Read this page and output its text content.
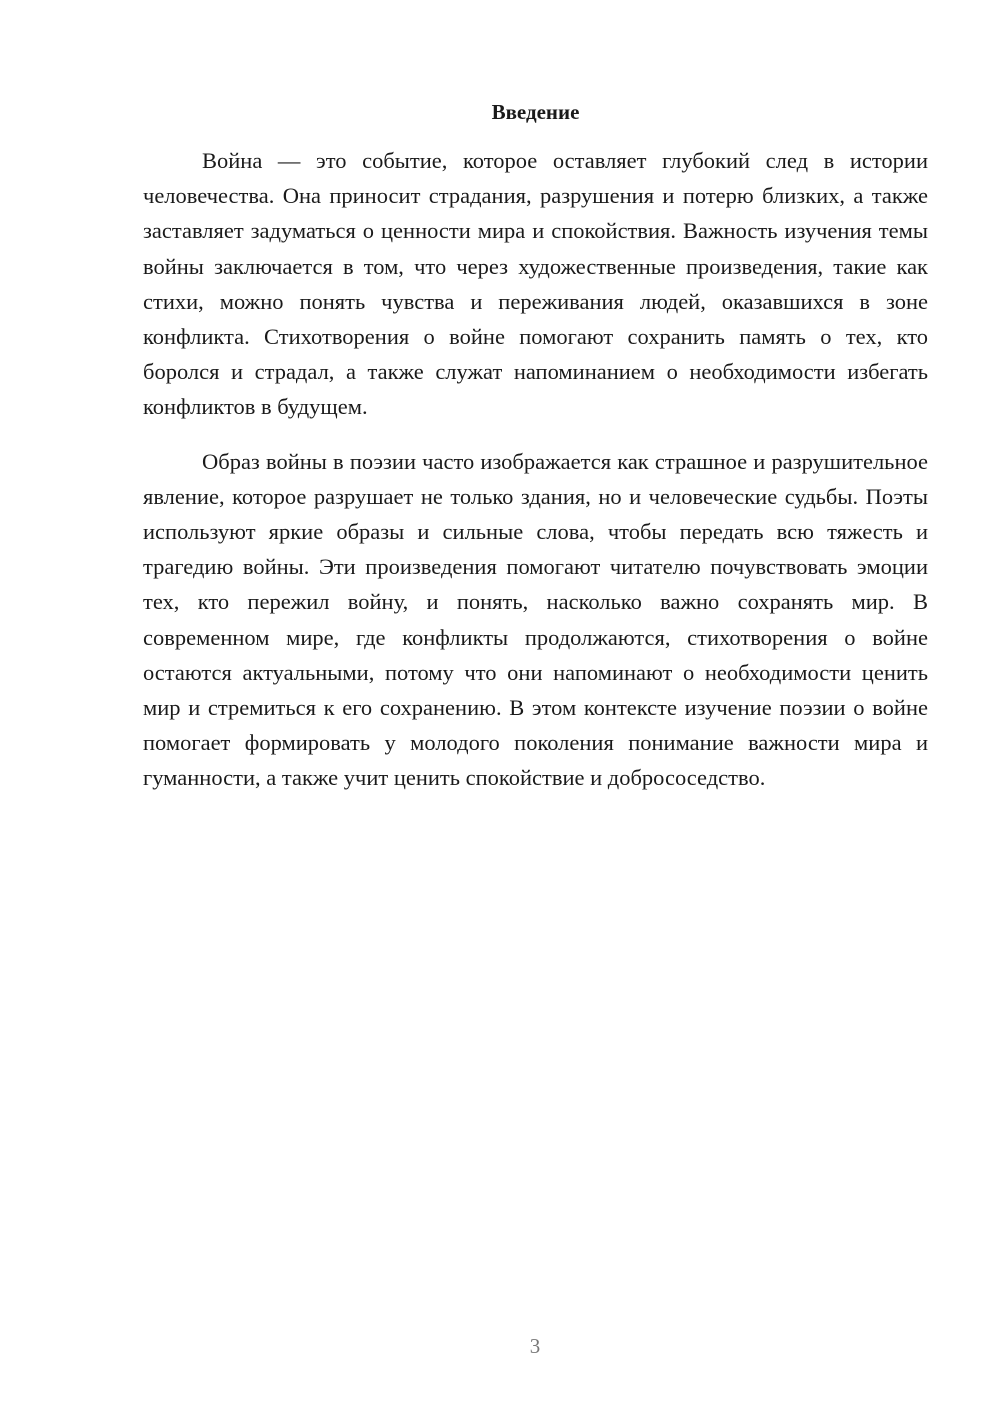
Введение

Война — это событие, которое оставляет глубокий след в истории человечества. Она приносит страдания, разрушения и потерю близких, а также заставляет задуматься о ценности мира и спокойствия. Важность изучения темы войны заключается в том, что через художественные произведения, такие как стихи, можно понять чувства и переживания людей, оказавшихся в зоне конфликта. Стихотворения о войне помогают сохранить память о тех, кто боролся и страдал, а также служат напоминанием о необходимости избегать конфликтов в будущем.

Образ войны в поэзии часто изображается как страшное и разрушительное явление, которое разрушает не только здания, но и человеческие судьбы. Поэты используют яркие образы и сильные слова, чтобы передать всю тяжесть и трагедию войны. Эти произведения помогают читателю почувствовать эмоции тех, кто пережил войну, и понять, насколько важно сохранять мир. В современном мире, где конфликты продолжаются, стихотворения о войне остаются актуальными, потому что они напоминают о необходимости ценить мир и стремиться к его сохранению. В этом контексте изучение поэзии о войне помогает формировать у молодого поколения понимание важности мира и гуманности, а также учит ценить спокойствие и добрососедство.

3
